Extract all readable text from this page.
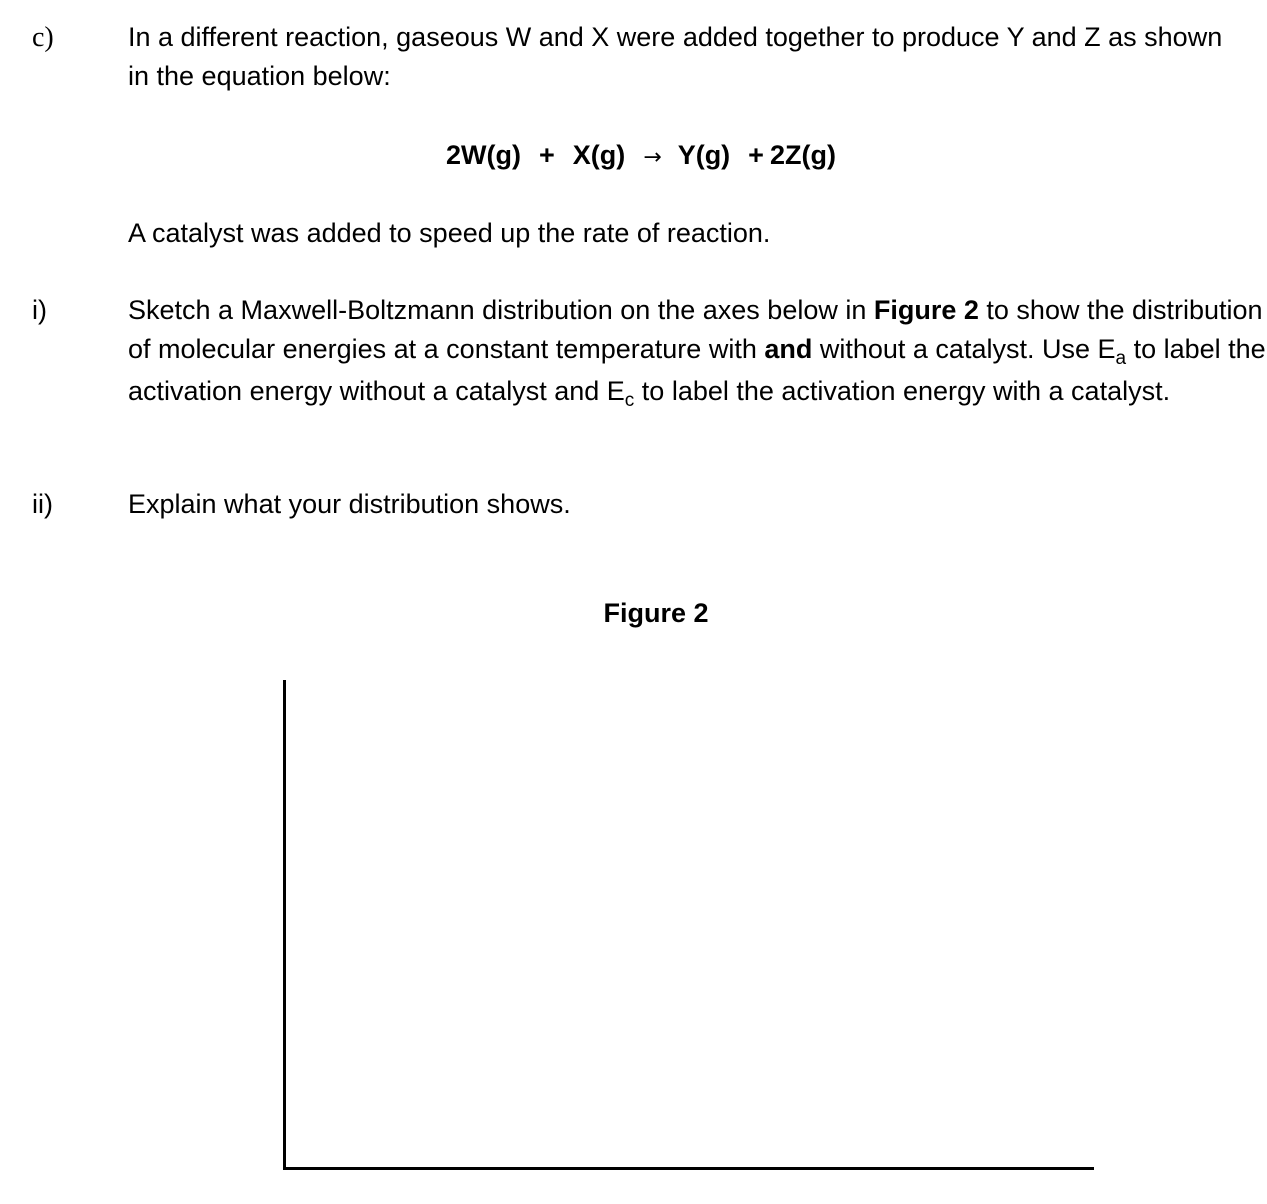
c)	In a different reaction, gaseous W and X were added together to produce Y and Z as shown in the equation below:

2W(g) + X(g) → Y(g) + 2Z(g)

A catalyst was added to speed up the rate of reaction.

i)	Sketch a Maxwell-Boltzmann distribution on the axes below in Figure 2 to show the distribution of molecular energies at a constant temperature with and without a catalyst. Use $E_a$ to label the activation energy without a catalyst and $E_c$ to label the activation energy with a catalyst.

ii)	Explain what your distribution shows.

Figure 2
